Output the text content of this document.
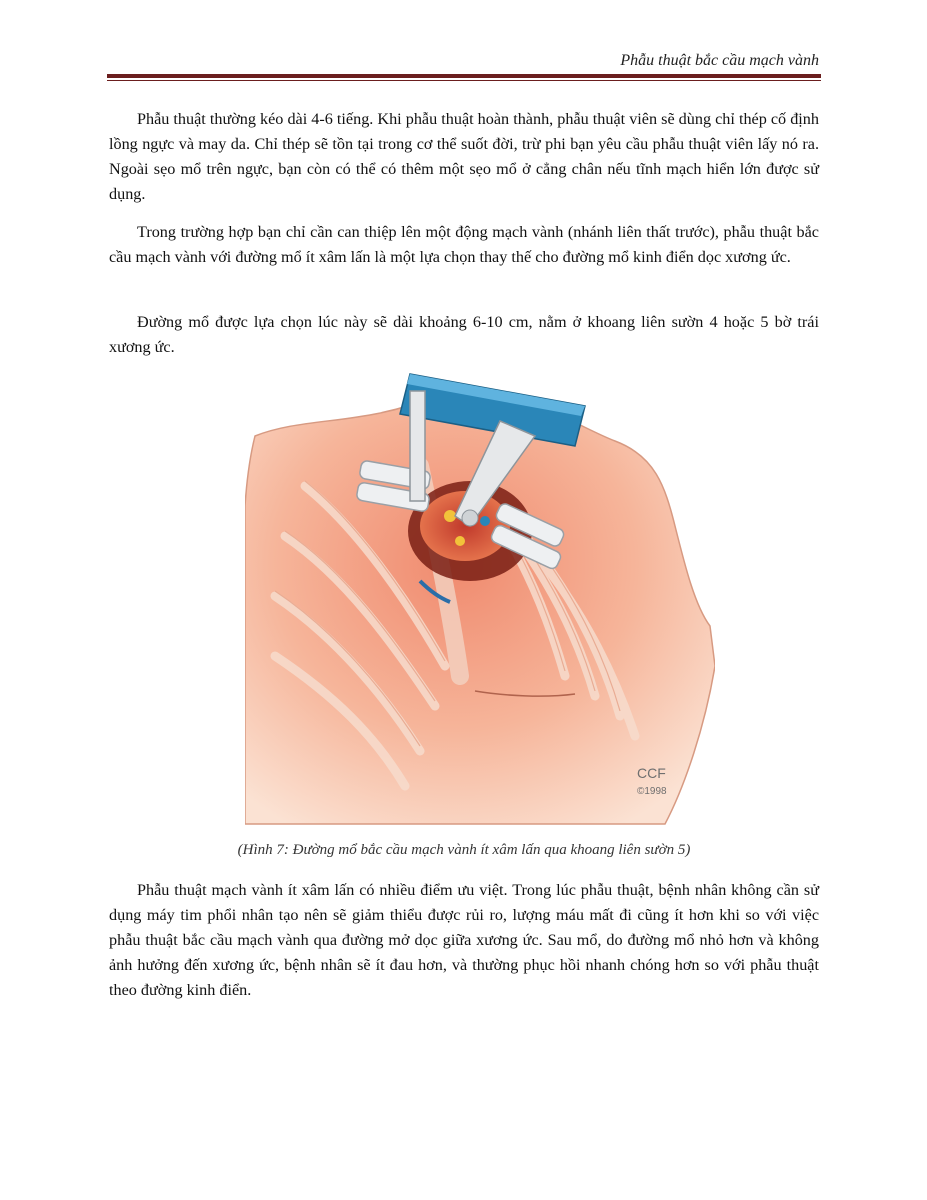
Phẫu thuật bắc cầu mạch vành

Phẫu thuật thường kéo dài 4-6 tiếng. Khi phẫu thuật hoàn thành, phẫu thuật viên sẽ dùng chỉ thép cố định lồng ngực và may da. Chỉ thép sẽ tồn tại trong cơ thể suốt đời, trừ phi bạn yêu cầu phẫu thuật viên lấy nó ra. Ngoài sẹo mổ trên ngực, bạn còn có thể có thêm một sẹo mổ ở cẳng chân nếu tĩnh mạch hiển lớn được sử dụng.

Trong trường hợp bạn chỉ cần can thiệp lên một động mạch vành (nhánh liên thất trước), phẫu thuật bắc cầu mạch vành với đường mổ ít xâm lấn là một lựa chọn thay thế cho đường mổ kinh điển dọc xương ức.

Đường mổ được lựa chọn lúc này sẽ dài khoảng 6-10 cm, nằm ở khoang liên sườn 4 hoặc 5 bờ trái xương ức.

CCF
©1998
(Hình 7: Đường mổ bắc cầu mạch vành ít xâm lấn qua khoang liên sườn 5)

Phẫu thuật mạch vành ít xâm lấn có nhiều điểm ưu việt. Trong lúc phẫu thuật, bệnh nhân không cần sử dụng máy tim phổi nhân tạo nên sẽ giảm thiểu được rủi ro, lượng máu mất đi cũng ít hơn khi so với việc phẫu thuật bắc cầu mạch vành qua đường mở dọc giữa xương ức. Sau mổ, do đường mổ nhỏ hơn và không ảnh hưởng đến xương ức, bệnh nhân sẽ ít đau hơn, và thường phục hồi nhanh chóng hơn so với phẫu thuật theo đường kinh điển.
